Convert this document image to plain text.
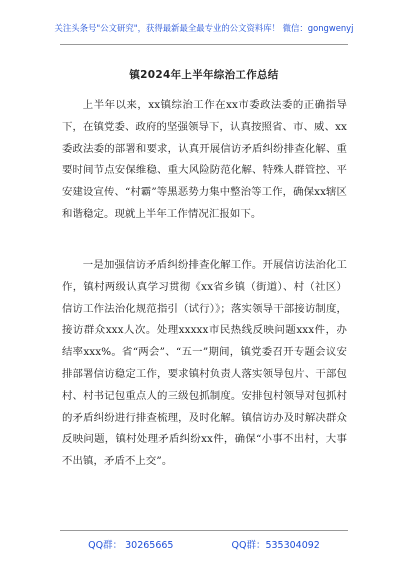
关注头条号"公文研究"，获得最新最全最专业的公文资料库！ 微信：gongwenyj
镇2024年上半年综治工作总结

上半年以来，xx镇综治工作在xx市委政法委的正确指导下，在镇党委、政府的坚强领导下，认真按照省、市、威、xx委政法委的部署和要求，认真开展信访矛盾纠纷排查化解、重要时间节点安保维稳、重大风险防范化解、特殊人群管控、平安建设宣传、“村霸”等黑恶势力集中整治等工作，确保xx辖区和谐稳定。现就上半年工作情况汇报如下。

一是加强信访矛盾纠纷排查化解工作。开展信访法治化工作，镇村两级认真学习贯彻《xx省乡镇（街道）、村（社区）信访工作法治化规范指引（试行）》；落实领导干部接访制度，接访群众xxx人次。处理xxxxx市民热线反映问题xxx件，办结率xxx%。省“两会”、“五一”期间，镇党委召开专题会议安排部署信访稳定工作，要求镇村负责人落实领导包片、干部包村、村书记包重点人的三级包抓制度。安排包村领导对包抓村的矛盾纠纷进行排查梳理，及时化解。镇信访办及时解决群众反映问题，镇村处理矛盾纠纷xx件，确保“小事不出村，大事不出镇，矛盾不上交”。

QQ群： 30265665	QQ群：535304092
